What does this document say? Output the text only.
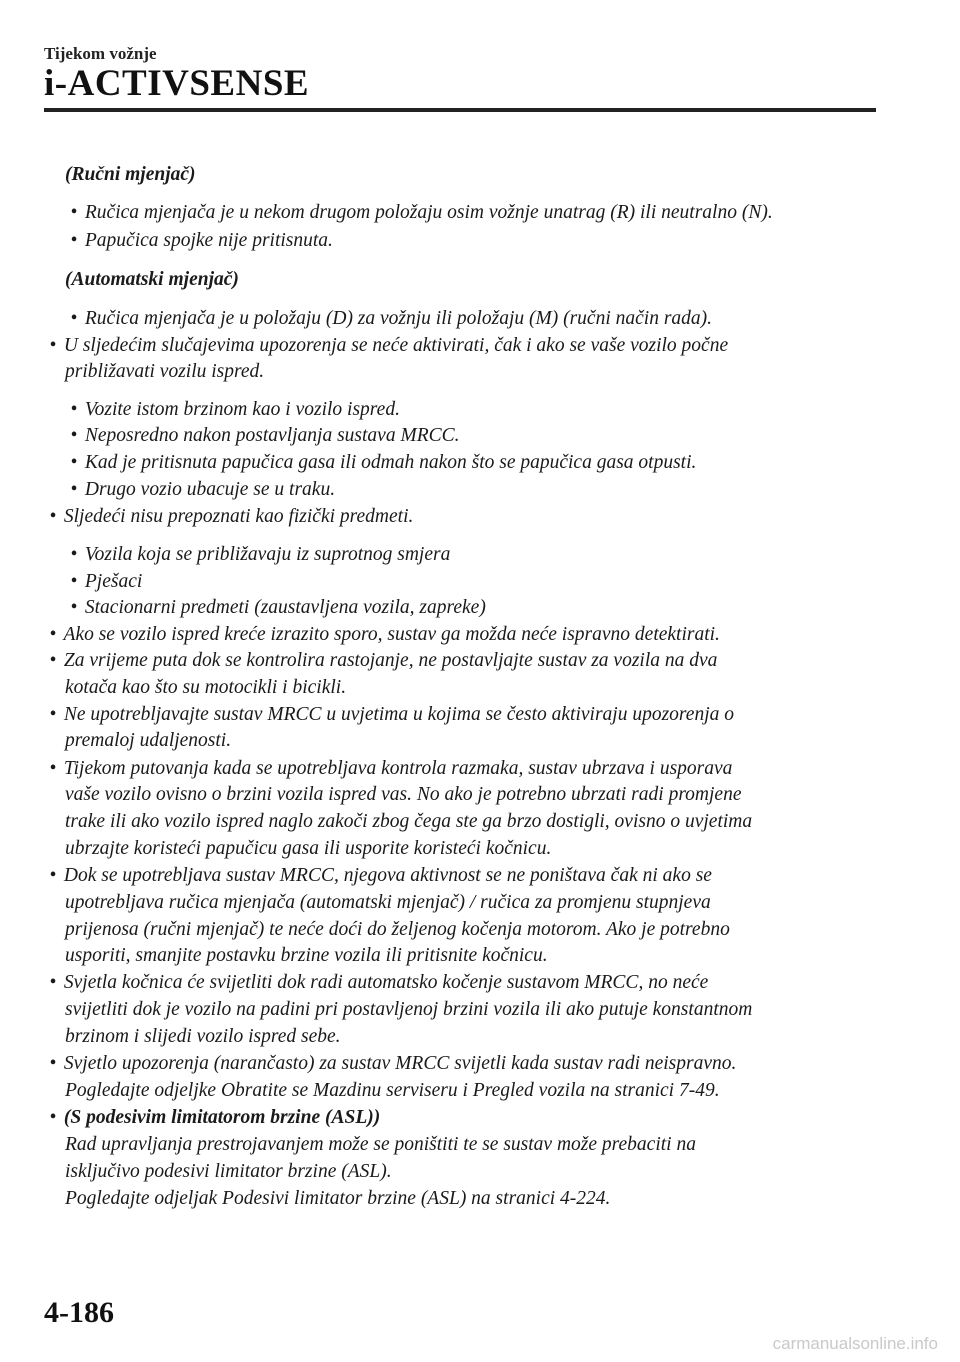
Tijekom vožnje
i-ACTIVSENSE
(Ručni mjenjač)
• Ručica mjenjača je u nekom drugom položaju osim vožnje unatrag (R) ili neutralno (N).
• Papučica spojke nije pritisnuta.
(Automatski mjenjač)
• Ručica mjenjača je u položaju (D) za vožnju ili položaju (M) (ručni način rada).
• U sljedećim slučajevima upozorenja se neće aktivirati, čak i ako se vaše vozilo počne
približavati vozilu ispred.
• Vozite istom brzinom kao i vozilo ispred.
• Neposredno nakon postavljanja sustava MRCC.
• Kad je pritisnuta papučica gasa ili odmah nakon što se papučica gasa otpusti.
• Drugo vozio ubacuje se u traku.
• Sljedeći nisu prepoznati kao fizički predmeti.
• Vozila koja se približavaju iz suprotnog smjera
• Pješaci
• Stacionarni predmeti (zaustavljena vozila, zapreke)
• Ako se vozilo ispred kreće izrazito sporo, sustav ga možda neće ispravno detektirati.
• Za vrijeme puta dok se kontrolira rastojanje, ne postavljajte sustav za vozila na dva
kotača kao što su motocikli i bicikli.
• Ne upotrebljavajte sustav MRCC u uvjetima u kojima se često aktiviraju upozorenja o
premaloj udaljenosti.
• Tijekom putovanja kada se upotrebljava kontrola razmaka, sustav ubrzava i usporava
vaše vozilo ovisno o brzini vozila ispred vas. No ako je potrebno ubrzati radi promjene
trake ili ako vozilo ispred naglo zakoči zbog čega ste ga brzo dostigli, ovisno o uvjetima
ubrzajte koristeći papučicu gasa ili usporite koristeći kočnicu.
• Dok se upotrebljava sustav MRCC, njegova aktivnost se ne poništava čak ni ako se
upotrebljava ručica mjenjača (automatski mjenjač) / ručica za promjenu stupnjeva
prijenosa (ručni mjenjač) te neće doći do željenog kočenja motorom. Ako je potrebno
usporiti, smanjite postavku brzine vozila ili pritisnite kočnicu.
• Svjetla kočnica će svijetliti dok radi automatsko kočenje sustavom MRCC, no neće
svijetliti dok je vozilo na padini pri postavljenoj brzini vozila ili ako putuje konstantnom
brzinom i slijedi vozilo ispred sebe.
• Svjetlo upozorenja (narančasto) za sustav MRCC svijetli kada sustav radi neispravno.
Pogledajte odjeljke Obratite se Mazdinu serviseru i Pregled vozila na stranici 7-49.
• (S podesivim limitatorom brzine (ASL))
Rad upravljanja prestrojavanjem može se poništiti te se sustav može prebaciti na
isključivo podesivi limitator brzine (ASL).
Pogledajte odjeljak Podesivi limitator brzine (ASL) na stranici 4-224.
4-186
carmanualsonline.info
